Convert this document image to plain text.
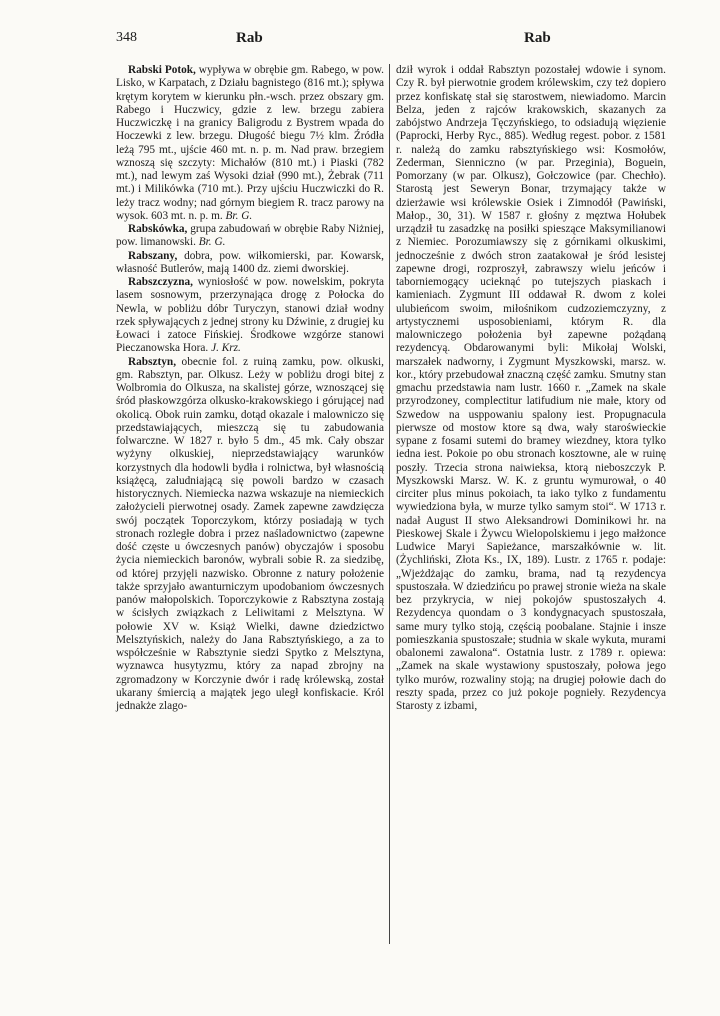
348	Rab	Rab

Rabski Potok, wypływa w obrębie gm. Rabego, w pow. Lisko, w Karpatach, z Działu bagnistego (816 mt.); spływa krętym korytem w kierunku płn.-wsch. przez obszary gm. Rabego i Huczwicy, gdzie z lew. brzegu zabiera Huczwiczkę i na granicy Baligrodu z Bystrem wpada do Hoczewki z lew. brzegu. Długość biegu 7½ klm. Źródła leżą 795 mt., ujście 460 mt. n. p. m. Nad praw. brzegiem wznoszą się szczyty: Michałów (810 mt.) i Piaski (782 mt.), nad lewym zaś Wysoki dział (990 mt.), Żebrak (711 mt.) i Milikówka (710 mt.). Przy ujściu Huczwiczki do R. leży tracz wodny; nad górnym biegiem R. tracz parowy na wysok. 603 mt. n. p. m. Br. G.

Rabskówka, grupa zabudowań w obrębie Raby Niżniej, pow. limanowski. Br. G.

Rabszany, dobra, pow. wiłkomierski, par. Kowarsk, własność Butlerów, mają 1400 dz. ziemi dworskiej.

Rabszczyzna, wyniosłość w pow. nowelskim, pokryta lasem sosnowym, przerzynająca drogę z Połocka do Newla, w pobliżu dóbr Turyczyn, stanowi dział wodny rzek spływających z jednej strony ku Dźwinie, z drugiej ku Łowaci i zatoce Fińskiej. Środkowe wzgórze stanowi Pieczanowska Hora. J. Krz.

Rabsztyn, obecnie fol. z ruiną zamku, pow. olkuski, gm. Rabsztyn, par. Olkusz. Leży w pobliżu drogi bitej z Wolbromia do Olkusza, na skalistej górze, wznoszącej się śród płaskowzgórza olkusko-krakowskiego i górującej nad okolicą. Obok ruin zamku, dotąd okazale i malowniczo się przedstawiających, mieszczą się tu zabudowania folwarczne. W 1827 r. było 5 dm., 45 mk. Cały obszar wyżyny olkuskiej, nieprzedstawiający warunków korzystnych dla hodowli bydła i rolnictwa, był własnością książęcą, zaludniającą się powoli bardzo w czasach historycznych. Niemiecka nazwa wskazuje na niemieckich założycieli pierwotnej osady. Zamek zapewne zawdzięcza swój początek Toporczykom, którzy posiadają w tych stronach rozległe dobra i przez naśladownictwo (zapewne dość częste u ówczesnych panów) obyczajów i sposobu życia niemieckich baronów, wybrali sobie R. za siedzibę, od której przyjęli nazwisko. Obronne z natury położenie także sprzyjało awanturniczym upodobaniom ówczesnych panów małopolskich. Toporczykowie z Rabsztyna zostają w ścisłych związkach z Leliwitami z Melsztyna. W połowie XV w. Książ Wielki, dawne dziedzictwo Melsztyńskich, należy do Jana Rabsztyńskiego, a za to współcześnie w Rabsztynie siedzi Spytko z Melsztyna, wyznawca husytyzmu, który za napad zbrojny na zgromadzony w Korczynie dwór i radę królewską, został ukarany śmiercią a majątek jego uległ konfiskacie. Król jednakże zlago-

dził wyrok i oddał Rabsztyn pozostałej wdowie i synom. Czy R. był pierwotnie grodem królewskim, czy też dopiero przez konfiskatę stał się starostwem, niewiadomo. Marcin Belza, jeden z rajców krakowskich, skazanych za zabójstwo Andrzeja Tęczyńskiego, to odsiadują więzienie (Paprocki, Herby Ryc., 885). Według regest. pobor. z 1581 r. należą do zamku rabsztyńskiego wsi: Kosmołów, Zederman, Sienniczno (w par. Przeginia), Boguein, Pomorzany (w par. Olkusz), Gołczowice (par. Chechło). Starostą jest Seweryn Bonar, trzymający także w dzierżawie wsi królewskie Osiek i Zimnodół (Pawiński, Małop., 30, 31). W 1587 r. głośny z męztwa Hołubek urządził tu zasadzkę na posiłki spieszące Maksymilianowi z Niemiec. Porozumiawszy się z górnikami olkuskimi, jednocześnie z dwóch stron zaatakował je śród lesistej zapewne drogi, rozproszył, zabrawszy wielu jeńców i taborniemogący ucieknąć po tutejszych piaskach i kamieniach. Zygmunt III oddawał R. dwom z kolei ulubieńcom swoim, miłośnikom cudzoziemczyzny, z artystycznemi usposobieniami, którym R. dla malowniczego położenia był zapewne pożądaną rezydencyą. Obdarowanymi byli: Mikołaj Wolski, marszałek nadworny, i Zygmunt Myszkowski, marsz. w. kor., który przebudował znaczną część zamku. Smutny stan gmachu przedstawia nam lustr. 1660 r. „Zamek na skale przyrodzoney, complectitur latifudium nie małe, ktory od Szwedow na usppowaniu spalony iest. Propugnacula pierwsze od mostow ktore są dwa, wały staroświeckie sypane z fosami sutemi do bramey wiezdney, ktora tylko iedna iest. Pokoie po obu stronach kosztowne, ale w ruinę poszły. Trzecia strona naiwieksa, ktorą nieboszczyk P. Myszkowski Marsz. W. K. z gruntu wymurował, o 40 circiter plus minus pokoiach, ta iako tylko z fundamentu wywiedziona była, w murze tylko samym stoi“. W 1713 r. nadał August II stwo Aleksandrowi Dominikowi hr. na Pieskowej Skale i Żywcu Wielopolskiemu i jego małżonce Ludwice Maryi Sapieżance, marszałkównie w. lit. (Żychliński, Złota Ks., IX, 189). Lustr. z 1765 r. podaje: „Wjeżdżając do zamku, brama, nad tą rezydencya spustoszała. W dziedzińcu po prawej stronie wieża na skale bez przykrycia, w niej pokojów spustoszałych 4. Rezydencya quondam o 3 kondygnacyach spustoszała, same mury tylko stoją, częścią poobalane. Stajnie i insze pomieszkania spustoszałe; studnia w skale wykuta, murami obalonemi zawalona“. Ostatnia lustr. z 1789 r. opiewa: „Zamek na skale wystawiony spustoszały, połowa jego tylko murów, rozwaliny stoją; na drugiej połowie dach do reszty spada, przez co już pokoje pognieły. Rezydencya Starosty z izbami,
